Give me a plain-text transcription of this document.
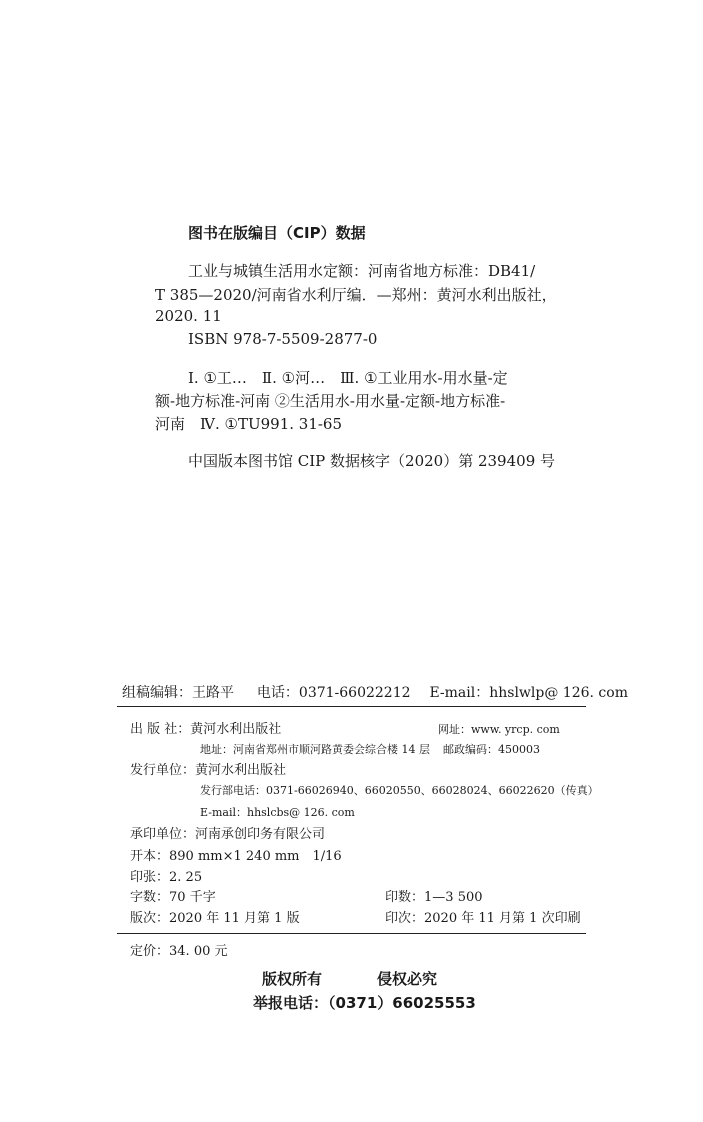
图书在版编目（CIP）数据
工业与城镇生活用水定额：河南省地方标准：DB41/
T 385—2020/河南省水利厅编．—郑州：黄河水利出版社，
2020. 11
ISBN 978-7-5509-2877-0
Ⅰ. ①工…　Ⅱ. ①河…　Ⅲ. ①工业用水-用水量-定
额-地方标准-河南 ②生活用水-用水量-定额-地方标准-
河南　Ⅳ. ①TU991. 31-65
中国版本图书馆 CIP 数据核字（2020）第 239409 号
组稿编辑：王路平 电话：0371-66022212 E-mail：hhslwlp@ 126. com
出 版 社：黄河水利出版社	网址：www. yrcp. com
地址：河南省郑州市顺河路黄委会综合楼 14 层 邮政编码：450003
发行单位：黄河水利出版社
发行部电话：0371-66026940、66020550、66028024、66022620（传真）
E-mail：hhslcbs@ 126. com
承印单位：河南承创印务有限公司
开本：890 mm×1 240 mm　1/16
印张：2. 25
字数：70 千字	印数：1—3 500
版次：2020 年 11 月第 1 版	印次：2020 年 11 月第 1 次印刷
定价：34. 00 元
版权所有	侵权必究
举报电话：（0371）66025553
